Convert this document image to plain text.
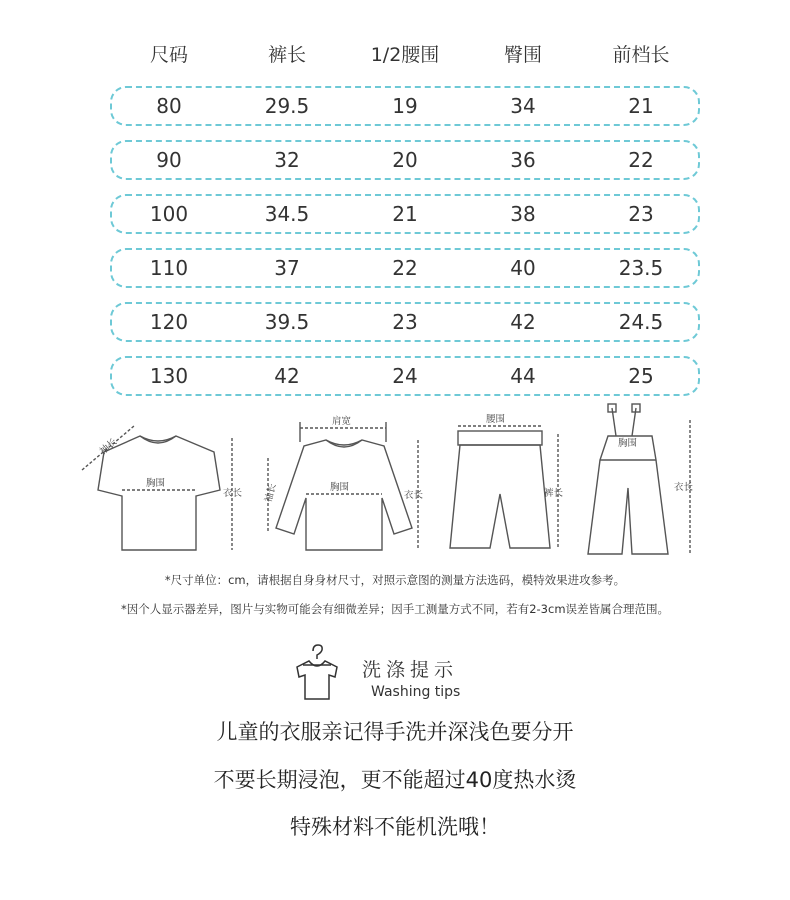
尺码	裤长	1/2腰围	臀围	前档长
80	29.5	19	34	21
90	32	20	36	22
100	34.5	21	38	23
110	37	22	40	23.5
120	39.5	23	42	24.5
130	42	24	44	25
袖长
胸围
衣长
肩宽
袖长	胸围
衣长
腰围
裤长
胸围
衣长
*尺寸单位：cm，请根据自身身材尺寸，对照示意图的测量方法选码，模特效果进攻参考。
*因个人显示器差异，图片与实物可能会有细微差异；因手工测量方式不同，若有2-3cm误差皆属合理范围。
洗涤提示
Washing tips
儿童的衣服亲记得手洗并深浅色要分开
不要长期浸泡，更不能超过40度热水烫
特殊材料不能机洗哦！
